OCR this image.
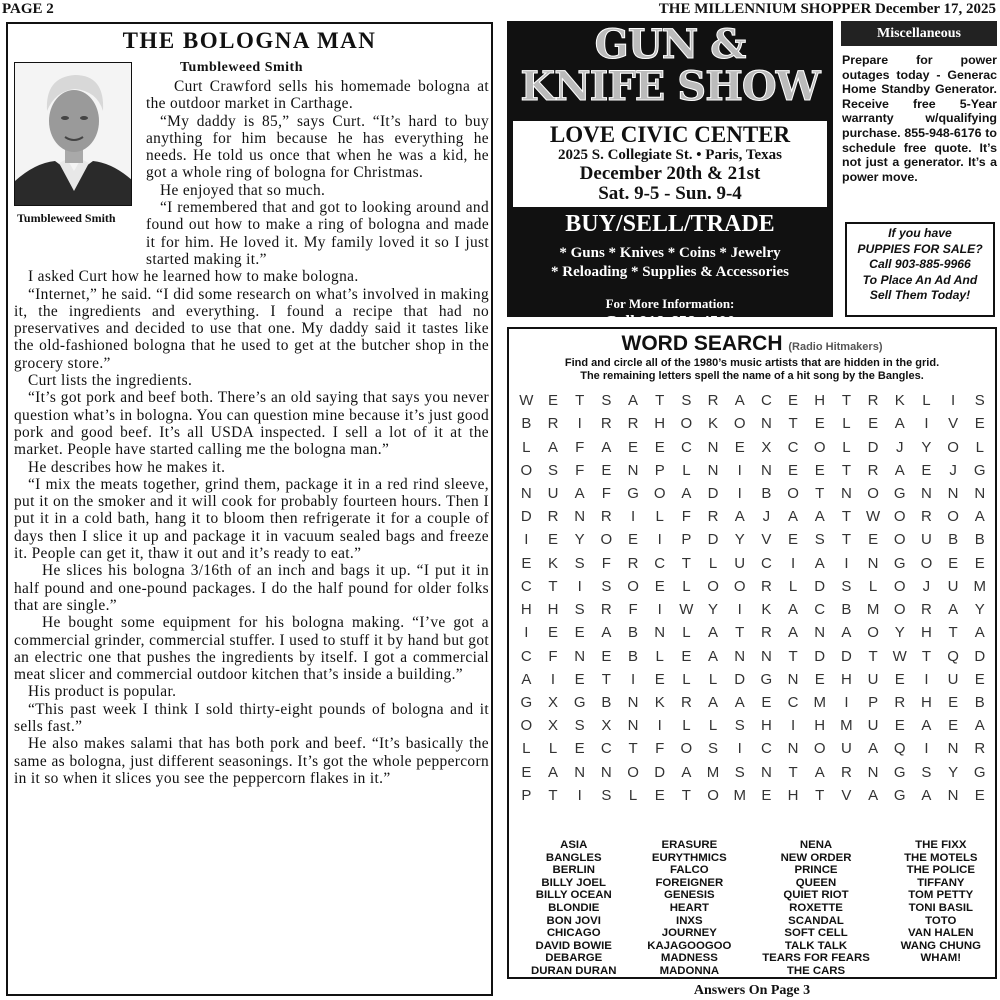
PAGE 2	THE MILLENNIUM SHOPPER December 17, 2025
THE BOLOGNA MAN
Tumbleweed Smith

Curt Crawford sells his homemade bologna at the outdoor market in Carthage.

“My daddy is 85,” says Curt. “It’s hard to buy anything for him because he has everything he needs. He told us once that when he was a kid, he got a whole ring of bologna for Christmas.

He enjoyed that so much.

“I remembered that and got to looking around and found out how to make a ring of bologna and made it for him. He loved it. My family loved it so I just started making it.”

I asked Curt how he learned how to make bologna.

“Internet,” he said. “I did some research on what’s involved in making it, the ingredients and everything. I found a recipe that had no preservatives and decided to use that one. My daddy said it tastes like the old-fashioned bologna that he used to get at the butcher shop in the grocery store.”

Curt lists the ingredients.

“It’s got pork and beef both. There’s an old saying that says you never question what’s in bologna. You can question mine because it’s just good pork and good beef. It’s all USDA inspected. I sell a lot of it at the market. People have started calling me the bologna man.”

He describes how he makes it.

“I mix the meats together, grind them, package it in a red rind sleeve, put it on the smoker and it will cook for probably fourteen hours. Then I put it in a cold bath, hang it to bloom then refrigerate it for a couple of days then I slice it up and package it in vacuum sealed bags and freeze it. People can get it, thaw it out and it’s ready to eat.”

He slices his bologna 3/16th of an inch and bags it up. “I put it in half pound and one-pound packages. I do the half pound for older folks that are single.”

He bought some equipment for his bologna making. “I’ve got a commercial grinder, commercial stuffer. I used to stuff it by hand but got an electric one that pushes the ingredients by itself. I got a commercial meat slicer and commercial outdoor kitchen that’s inside a building.”

His product is popular.

“This past week I think I sold thirty-eight pounds of bologna and it sells fast.”

He also makes salami that has both pork and beef. “It’s basically the same as bologna, just different seasonings. It’s got the whole peppercorn in it so when it slices you see the peppercorn flakes in it.”

Tumbleweed Smith
GUN &
KNIFE SHOW
LOVE CIVIC CENTER
2025 S. Collegiate St. • Paris, Texas
December 20th & 21st
Sat. 9-5 - Sun. 9-4
BUY/SELL/TRADE
* Guns * Knives * Coins * Jewelry
* Reloading * Supplies & Accessories
For More Information:
Call 918-658-4500
Miscellaneous
Prepare for power outages today - Generac Home Standby Generator. Receive free 5-Year warranty w/qualifying purchase. 855-948-6176 to schedule free quote. It’s not just a generator. It’s a power move.
If you have
PUPPIES FOR SALE?
Call 903-885-9966
To Place An Ad And
Sell Them Today!
WORD SEARCH (Radio Hitmakers)
Find and circle all of the 1980’s music artists that are hidden in the grid.
The remaining letters spell the name of a hit song by the Bangles.
W E	T	S	A	T	S	R	A	C	E	H	T	R	K	L	I	S
B	R	I	R	R	H	O	K	O	N	T	E	L	E	A	I	V	E
L	A	F	A	E	E	C	N	E	X	C	O	L	D	J	Y	O	L
O	S	F	E	N	P	L	N	I	N	E	E	T	R	A	E	J	G
N	U	A	F	G	O	A	D	I	B	O	T	N	O	G	N	N	N
D	R	N	R	I	L	F	R	A	J	A	A	T	W O	R	O	A
I	E	Y	O	E	I	P	D	Y	V	E	S	T	E	O	U	B	B
E	K	S	F	R	C	T	L	U	C	I	A	I	N	G	O	E	E
C	T	I	S	O	E	L	O	O	R	L	D	S	L	O	J	U	M
H	H	S	R	F	I	W Y	I	K	A	C	B	M O	R	A	Y
I	E	E	A	B	N	L	A	T	R	A	N	A	O	Y	H	T	A
C	F	N	E	B	L	E	A	N	N	T	D	D	T	W	T	Q	D
A	I	E	T	I	E	L	L	D	G	N	E	H	U	E	I	U	E
G	X	G	B	N	K	R	A	A	E	C	M	I	P	R	H	E	B
O	X	S	X	N	I	L	L	S	H	I	H	M	U	E	A	E	A
L	L	E	C	T	F	O	S	I	C	N	O	U	A	Q	I	N	R
E	A	N	N	O	D	A	M	S	N	T	A	R	N	G	S	Y	G
P	T	I	S	L	E	T	O M	E	H	T	V	A	G	A	N	E
ASIA
BANGLES
BERLIN
BILLY JOEL
BILLY OCEAN
BLONDIE
BON JOVI
CHICAGO
DAVID BOWIE
DEBARGE
DURAN DURAN
ERASURE
EURYTHMICS
FALCO
FOREIGNER
GENESIS
HEART
INXS
JOURNEY
KAJAGOOGOO
MADNESS
MADONNA
NENA
NEW ORDER
PRINCE
QUEEN
QUIET RIOT
ROXETTE
SCANDAL
SOFT CELL
TALK TALK
TEARS FOR FEARS
THE CARS
THE FIXX
THE MOTELS
THE POLICE
TIFFANY
TOM PETTY
TONI BASIL
TOTO
VAN HALEN
WANG CHUNG
WHAM!
Answers On Page 3
